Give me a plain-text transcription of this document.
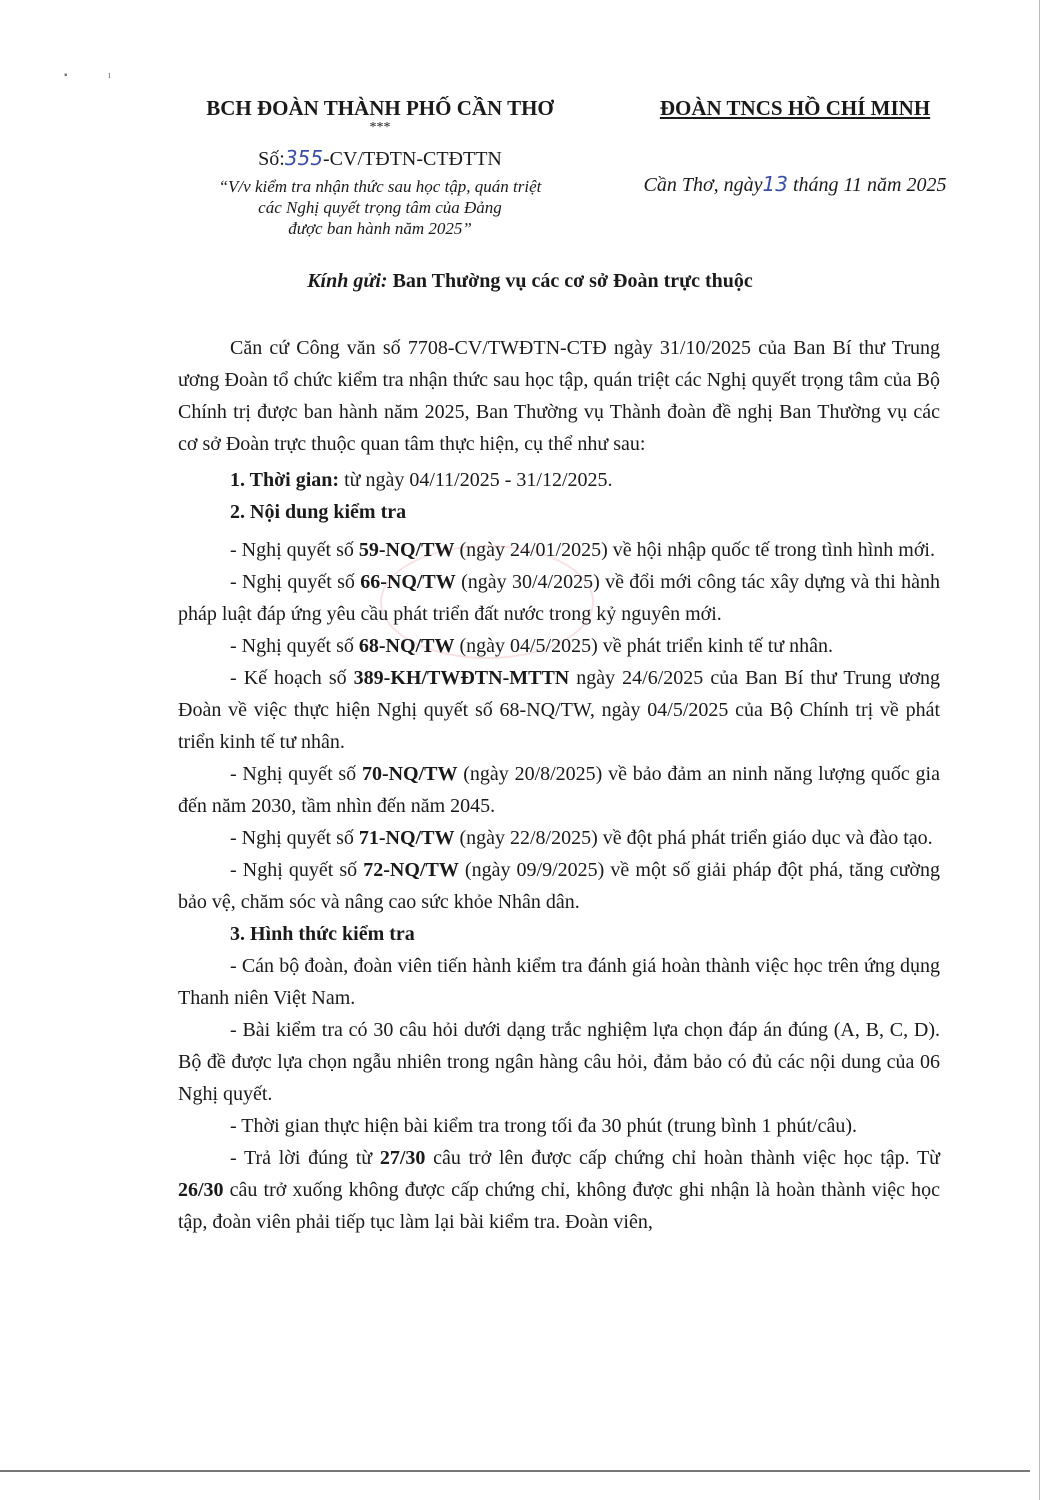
▪	ı
BCH ĐOÀN THÀNH PHỐ CẦN THƠ
***
Số:355-CV/TĐTN-CTĐTTN
“V/v kiểm tra nhận thức sau học tập, quán triệt
các Nghị quyết trọng tâm của Đảng
được ban hành năm 2025”
ĐOÀN TNCS HỒ CHÍ MINH
Cần Thơ, ngày13 tháng 11 năm 2025
Kính gửi: Ban Thường vụ các cơ sở Đoàn trực thuộc

Căn cứ Công văn số 7708-CV/TWĐTN-CTĐ ngày 31/10/2025 của Ban Bí thư Trung ương Đoàn tổ chức kiểm tra nhận thức sau học tập, quán triệt các Nghị quyết trọng tâm của Bộ Chính trị được ban hành năm 2025, Ban Thường vụ Thành đoàn đề nghị Ban Thường vụ các cơ sở Đoàn trực thuộc quan tâm thực hiện, cụ thể như sau:

1. Thời gian: từ ngày 04/11/2025 - 31/12/2025.

2. Nội dung kiểm tra

- Nghị quyết số 59-NQ/TW (ngày 24/01/2025) về hội nhập quốc tế trong tình hình mới.

- Nghị quyết số 66-NQ/TW (ngày 30/4/2025) về đổi mới công tác xây dựng và thi hành pháp luật đáp ứng yêu cầu phát triển đất nước trong kỷ nguyên mới.

- Nghị quyết số 68-NQ/TW (ngày 04/5/2025) về phát triển kinh tế tư nhân.

- Kế hoạch số 389-KH/TWĐTN-MTTN ngày 24/6/2025 của Ban Bí thư Trung ương Đoàn về việc thực hiện Nghị quyết số 68-NQ/TW, ngày 04/5/2025 của Bộ Chính trị về phát triển kinh tế tư nhân.

- Nghị quyết số 70-NQ/TW (ngày 20/8/2025) về bảo đảm an ninh năng lượng quốc gia đến năm 2030, tầm nhìn đến năm 2045.

- Nghị quyết số 71-NQ/TW (ngày 22/8/2025) về đột phá phát triển giáo dục và đào tạo.

- Nghị quyết số 72-NQ/TW (ngày 09/9/2025) về một số giải pháp đột phá, tăng cường bảo vệ, chăm sóc và nâng cao sức khỏe Nhân dân.

3. Hình thức kiểm tra

- Cán bộ đoàn, đoàn viên tiến hành kiểm tra đánh giá hoàn thành việc học trên ứng dụng Thanh niên Việt Nam.

- Bài kiểm tra có 30 câu hỏi dưới dạng trắc nghiệm lựa chọn đáp án đúng (A, B, C, D). Bộ đề được lựa chọn ngẫu nhiên trong ngân hàng câu hỏi, đảm bảo có đủ các nội dung của 06 Nghị quyết.

- Thời gian thực hiện bài kiểm tra trong tối đa 30 phút (trung bình 1 phút/câu).

- Trả lời đúng từ 27/30 câu trở lên được cấp chứng chỉ hoàn thành việc học tập. Từ 26/30 câu trở xuống không được cấp chứng chỉ, không được ghi nhận là hoàn thành việc học tập, đoàn viên phải tiếp tục làm lại bài kiểm tra. Đoàn viên,
